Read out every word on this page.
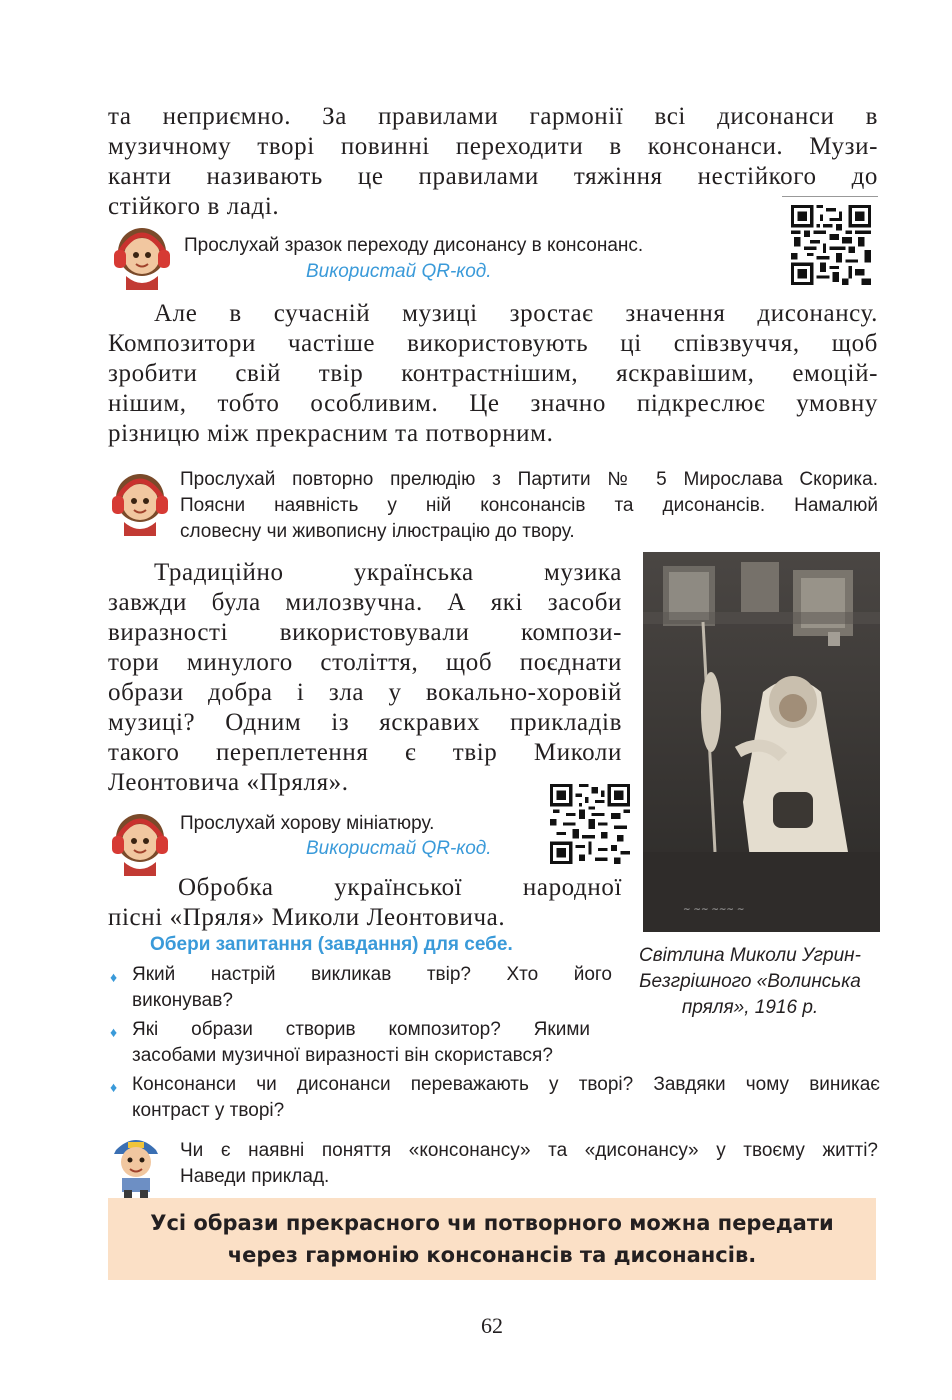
та неприємно. За правилами гармонії всі дисонанси в
музичному творі повинні переходити в консонанси. Музи-
канти називають це правилами тяжіння нестійкого до
стійкого в ладі.
Прослухай зразок переходу дисонансу в консонанс.
Використай QR-код.
Але в сучасній музиці зростає значення дисонансу.
Композитори частіше використовують ці співзвуччя, щоб
зробити свій твір контрастнішим, яскравішим, емоцій-
нішим, тобто особливим. Це значно підкреслює умовну
різницю між прекрасним та потворним.
Прослухай повторно прелюдію з Партити № 5 Мирослава Скорика.
Поясни наявність у ній консонансів та дисонансів. Намалюй
словесну чи живописну ілюстрацію до твору.
Традиційно українська музика
завжди була милозвучна. А які засоби
виразності використовували компози-
тори минулого століття, щоб поєднати
образи добра і зла у вокально-хоровій
музиці? Одним із яскравих прикладів
такого переплетення є твір Миколи
Леонтовича «Пряля».
~ ~~ ~~~ ~
Прослухай хорову мініатюру.
Використай QR-код.
Обробка української народної
пісні «Пряля» Миколи Леонтовича.
Обери запитання (завдання) для себе.
Світлина Миколи Угрин-
Безгрішного «Волинська
пряля», 1916 р.
♦ Який настрій викликав твір? Хто його
виконував?
♦ Які образи створив композитор? Якими
засобами музичної виразності він скористався?
♦ Консонанси чи дисонанси переважають у творі? Завдяки чому виникає
контраст у творі?
Чи є наявні поняття «консонансу» та «дисонансу» у твоєму житті?
Наведи приклад.
Усі образи прекрасного чи потворного можна передати
через гармонію консонансів та дисонансів.
62
